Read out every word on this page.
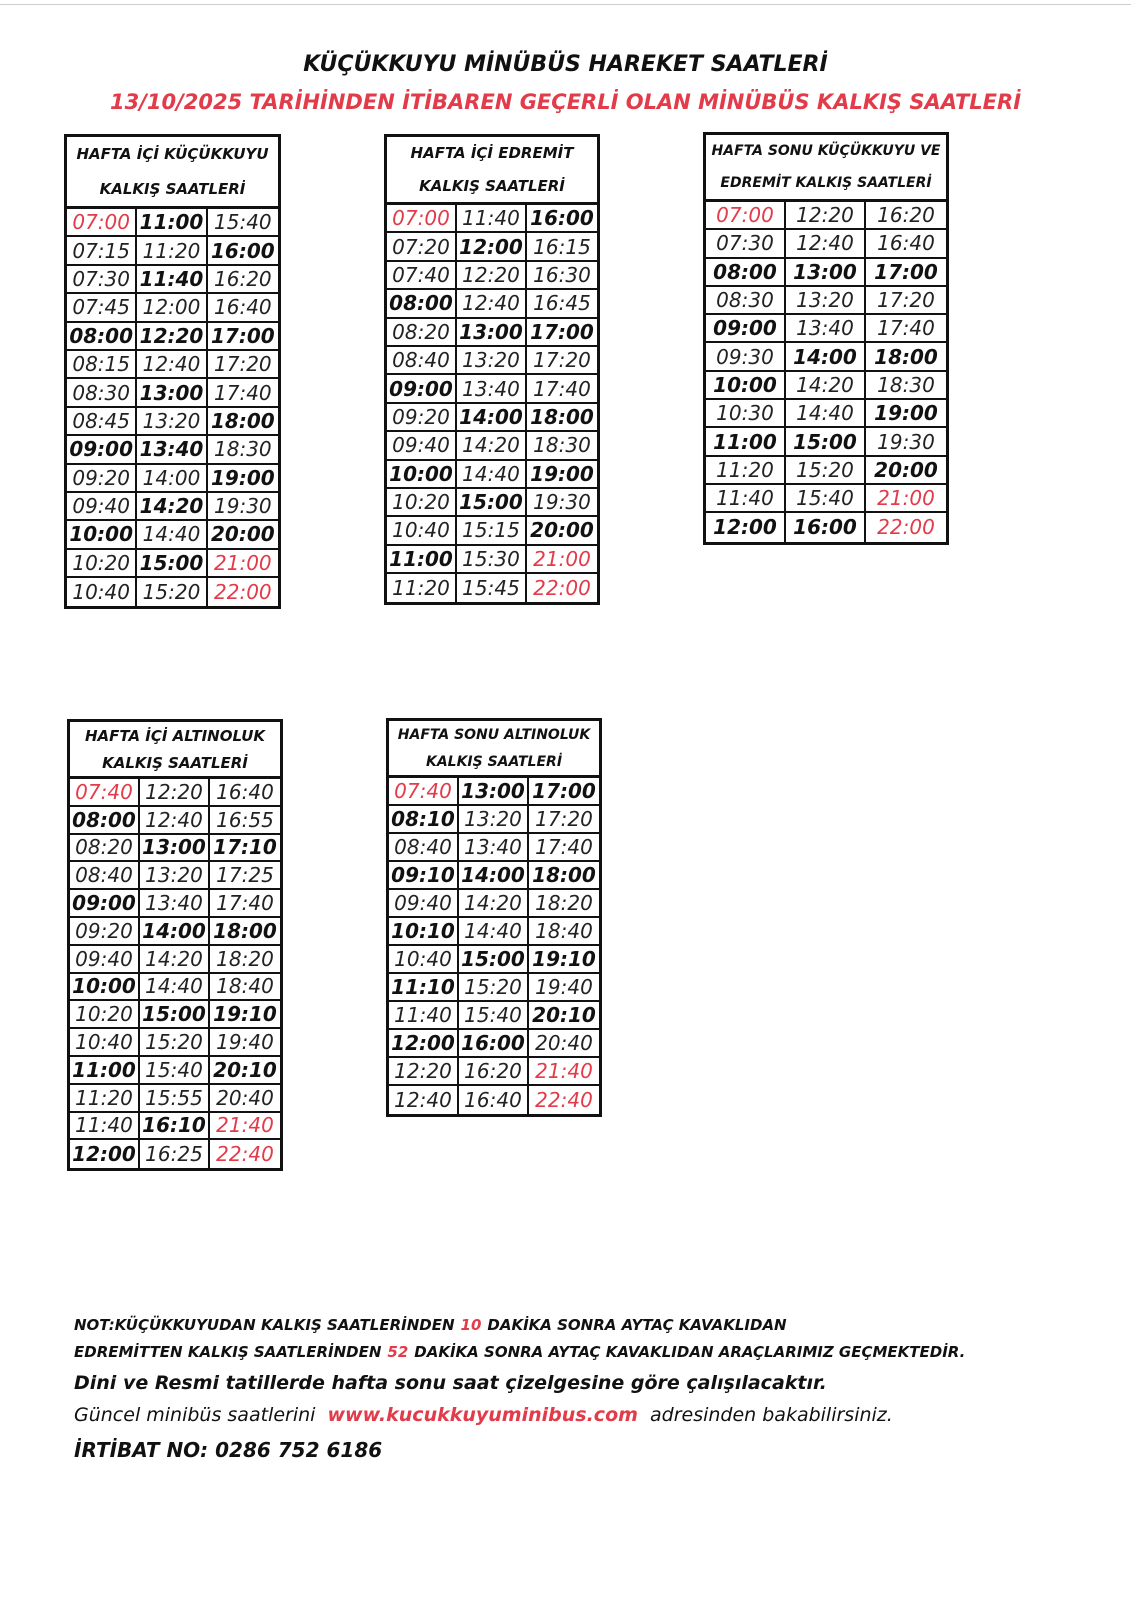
KÜÇÜKKUYU MİNÜBÜS HAREKET SAATLERİ
13/10/2025 TARİHİNDEN İTİBAREN GEÇERLİ OLAN MİNÜBÜS KALKIŞ SAATLERİ
HAFTA İÇİ KÜÇÜKKUYU
KALKIŞ SAATLERİ
07:00 11:00 15:40
07:15 11:20 16:00
07:30 11:40 16:20
07:45 12:00 16:40
08:00 12:20 17:00
08:15 12:40 17:20
08:30 13:00 17:40
08:45 13:20 18:00
09:00 13:40 18:30
09:20 14:00 19:00
09:40 14:20 19:30
10:00 14:40 20:00
10:20 15:00 21:00
10:40 15:20 22:00
HAFTA İÇİ EDREMİT
KALKIŞ SAATLERİ
07:00 11:40 16:00
07:20 12:00 16:15
07:40 12:20 16:30
08:00 12:40 16:45
08:20 13:00 17:00
08:40 13:20 17:20
09:00 13:40 17:40
09:20 14:00 18:00
09:40 14:20 18:30
10:00 14:40 19:00
10:20 15:00 19:30
10:40 15:15 20:00
11:00 15:30 21:00
11:20 15:45 22:00
HAFTA SONU KÜÇÜKKUYU VE
EDREMİT KALKIŞ SAATLERİ
07:00	12:20	16:20
07:30	12:40	16:40
08:00 13:00 17:00
08:30	13:20	17:20
09:00 13:40	17:40
09:30 14:00 18:00
10:00 14:20	18:30
10:30	14:40	19:00
11:00 15:00	19:30
11:20	15:20	20:00
11:40	15:40	21:00
12:00 16:00	22:00
HAFTA İÇİ ALTINOLUK
KALKIŞ SAATLERİ
07:40 12:20 16:40
08:00 12:40 16:55
08:20 13:00 17:10
08:40 13:20 17:25
09:00 13:40 17:40
09:20 14:00 18:00
09:40 14:20 18:20
10:00 14:40 18:40
10:20 15:00 19:10
10:40 15:20 19:40
11:00 15:40 20:10
11:20 15:55 20:40
11:40 16:10 21:40
12:00 16:25 22:40
HAFTA SONU ALTINOLUK
KALKIŞ SAATLERİ
07:40 13:00 17:00
08:10 13:20 17:20
08:40 13:40 17:40
09:10 14:00 18:00
09:40 14:20 18:20
10:10 14:40 18:40
10:40 15:00 19:10
11:10 15:20 19:40
11:40 15:40 20:10
12:00 16:00 20:40
12:20 16:20 21:40
12:40 16:40 22:40
NOT:KÜÇÜKKUYUDAN KALKIŞ SAATLERİNDEN 10 DAKİKA SONRA AYTAÇ KAVAKLIDAN
EDREMİTTEN KALKIŞ SAATLERİNDEN 52 DAKİKA SONRA AYTAÇ KAVAKLIDAN ARAÇLARIMIZ GEÇMEKTEDİR.
Dini ve Resmi tatillerde hafta sonu saat çizelgesine göre çalışılacaktır.
Güncel minibüs saatlerini www.kucukkuyuminibus.com adresinden bakabilirsiniz.
İRTİBAT NO: 0286 752 6186
